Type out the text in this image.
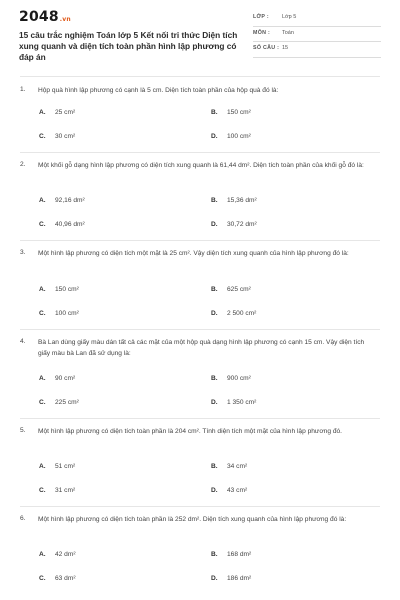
2048.vn
15 câu trắc nghiệm Toán lớp 5 Kết nối tri thức Diện tích xung quanh và diện tích toàn phần hình lập phương có đáp án
LỚP : Lớp 5
MÔN : Toán
SỐ CÂU : 15
1. Hộp quà hình lập phương có cạnh là 5 cm. Diện tích toàn phần của hộp quà đó là:
A. 25 cm²	B. 150 cm²
C. 30 cm²	D. 100 cm²
2. Một khối gỗ dạng hình lập phương có diện tích xung quanh là 61,44 dm². Diện tích toàn phần của khối gỗ đó là:
A. 92,16 dm²	B. 15,36 dm²
C. 40,96 dm²	D. 30,72 dm²
3. Một hình lập phương có diện tích một mặt là 25 cm². Vậy diện tích xung quanh của hình lập phương đó là:
A. 150 cm²	B. 625 cm²
C. 100 cm²	D. 2 500 cm²
4. Bà Lan dùng giấy màu dán tất cả các mặt của một hộp quà dạng hình lập phương có cạnh 15 cm. Vậy diện tích giấy màu bà Lan đã sử dụng là:
A. 90 cm²	B. 900 cm²
C. 225 cm²	D. 1 350 cm²
5. Một hình lập phương có diện tích toàn phần là 204 cm². Tính diện tích một mặt của hình lập phương đó.
A. 51 cm²	B. 34 cm²
C. 31 cm²	D. 43 cm²
6. Một hình lập phương có diện tích toàn phần là 252 dm². Diện tích xung quanh của hình lập phương đó là:
A. 42 dm²	B. 168 dm²
C. 63 dm²	D. 186 dm²
